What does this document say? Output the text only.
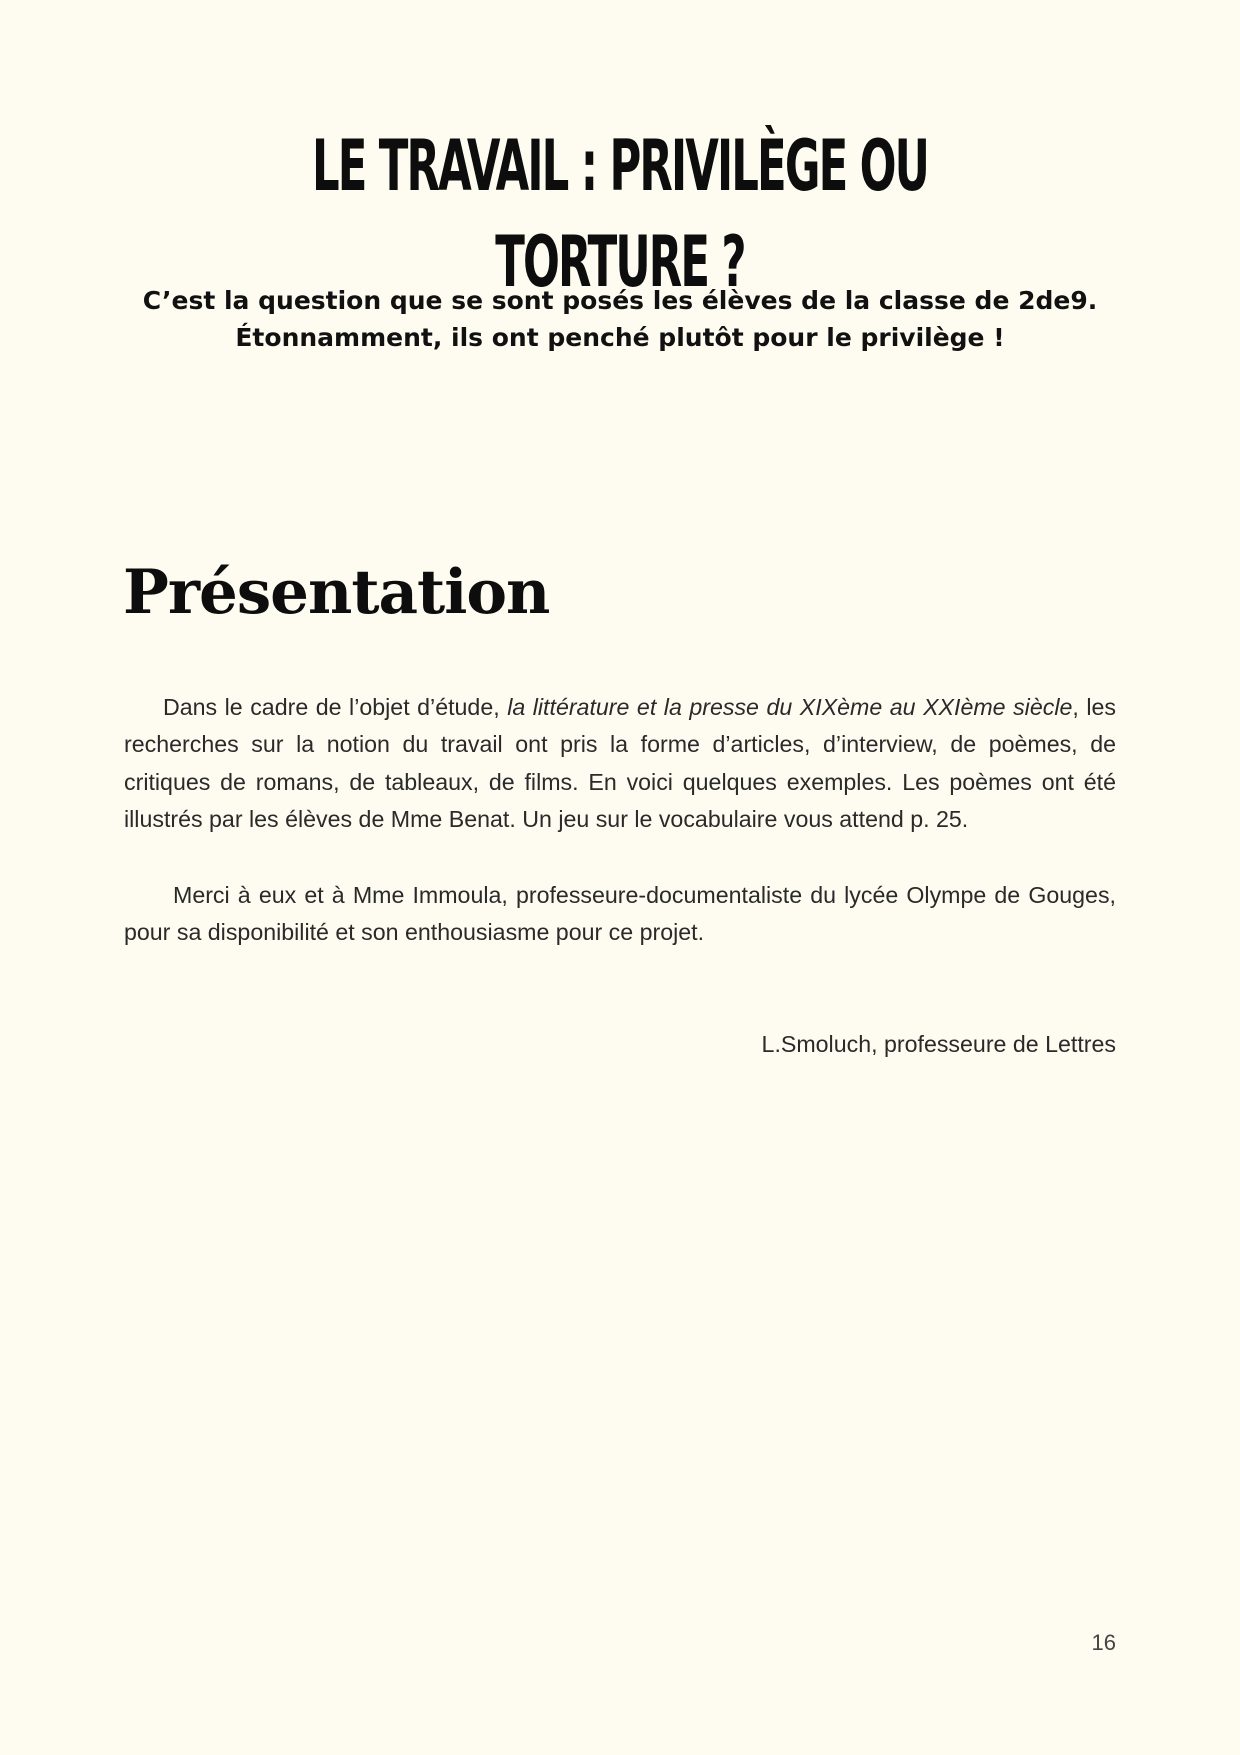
LE TRAVAIL : PRIVILÈGE OU TORTURE ?

C’est la question que se sont posés les élèves de la classe de 2de9.
Étonnamment, ils ont penché plutôt pour le privilège !

Présentation

Dans le cadre de l’objet d’étude, la littérature et la presse du XIXème au XXIème siècle, les recherches sur la notion du travail ont pris la forme d’articles, d’interview, de poèmes, de critiques de romans, de tableaux, de films. En voici quelques exemples. Les poèmes ont été illustrés par les élèves de Mme Benat. Un jeu sur le vocabulaire vous attend p. 25.

Merci à eux et à Mme Immoula, professeure-documentaliste du lycée Olympe de Gouges, pour sa disponibilité et son enthousiasme pour ce projet.

L.Smoluch, professeure de Lettres

16
